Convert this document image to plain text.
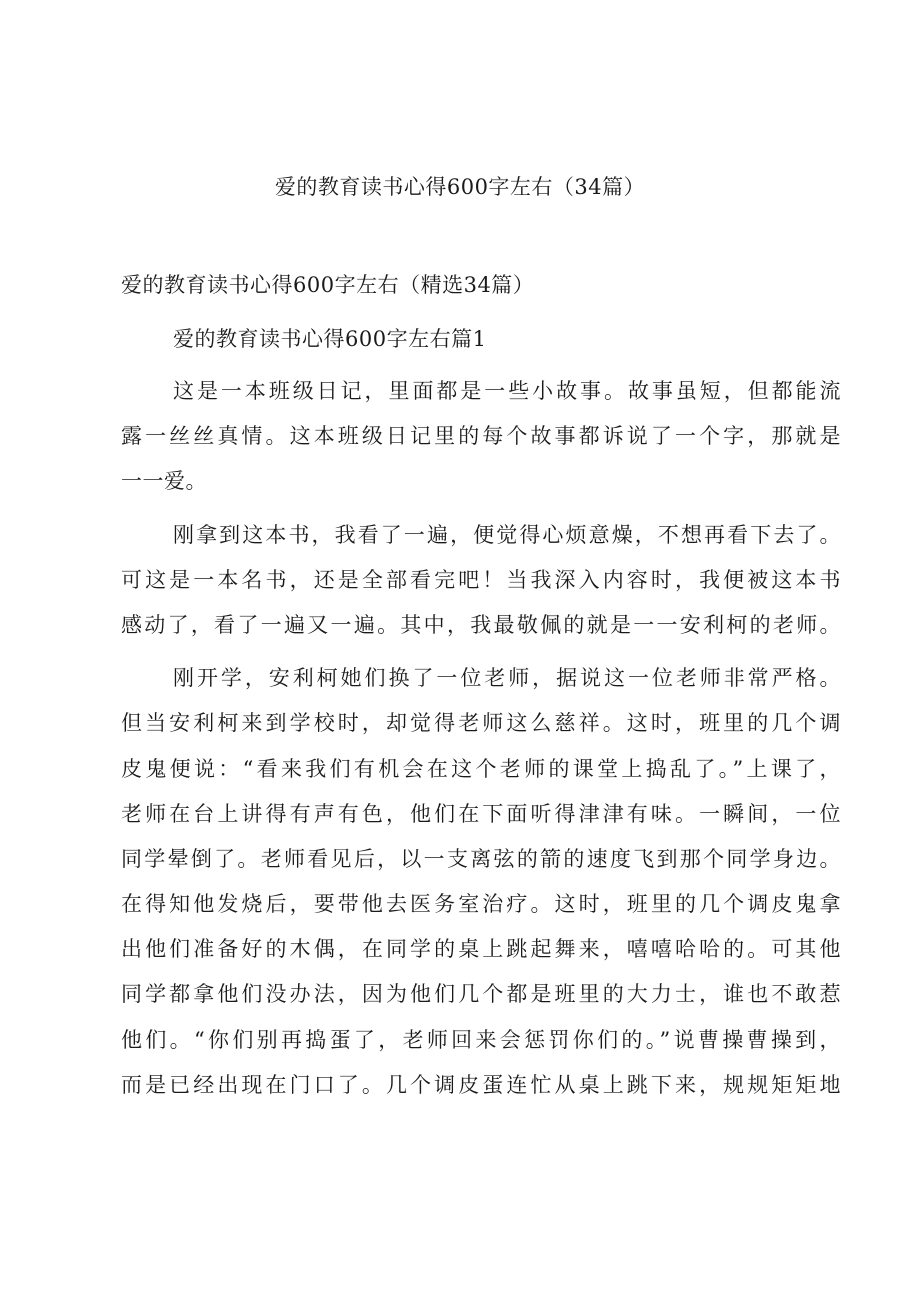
爱的教育读书心得600字左右（34篇）

爱的教育读书心得600字左右（精选34篇）

爱的教育读书心得600字左右篇1
这是一本班级日记，里面都是一些小故事。故事虽短，但都能流
露一丝丝真情。这本班级日记里的每个故事都诉说了一个字，那就是
一一爱。
刚拿到这本书，我看了一遍，便觉得心烦意燥，不想再看下去了。
可这是一本名书，还是全部看完吧！当我深入内容时，我便被这本书
感动了，看了一遍又一遍。其中，我最敬佩的就是一一安利柯的老师。
刚开学，安利柯她们换了一位老师，据说这一位老师非常严格。
但当安利柯来到学校时，却觉得老师这么慈祥。这时，班里的几个调
皮鬼便说：“看来我们有机会在这个老师的课堂上捣乱了。”上课了，
老师在台上讲得有声有色，他们在下面听得津津有味。一瞬间，一位
同学晕倒了。老师看见后，以一支离弦的箭的速度飞到那个同学身边。
在得知他发烧后，要带他去医务室治疗。这时，班里的几个调皮鬼拿
出他们准备好的木偶，在同学的桌上跳起舞来，嘻嘻哈哈的。可其他
同学都拿他们没办法，因为他们几个都是班里的大力士，谁也不敢惹
他们。“你们别再捣蛋了，老师回来会惩罚你们的。”说曹操曹操到，
而是已经出现在门口了。几个调皮蛋连忙从桌上跳下来，规规矩矩地
